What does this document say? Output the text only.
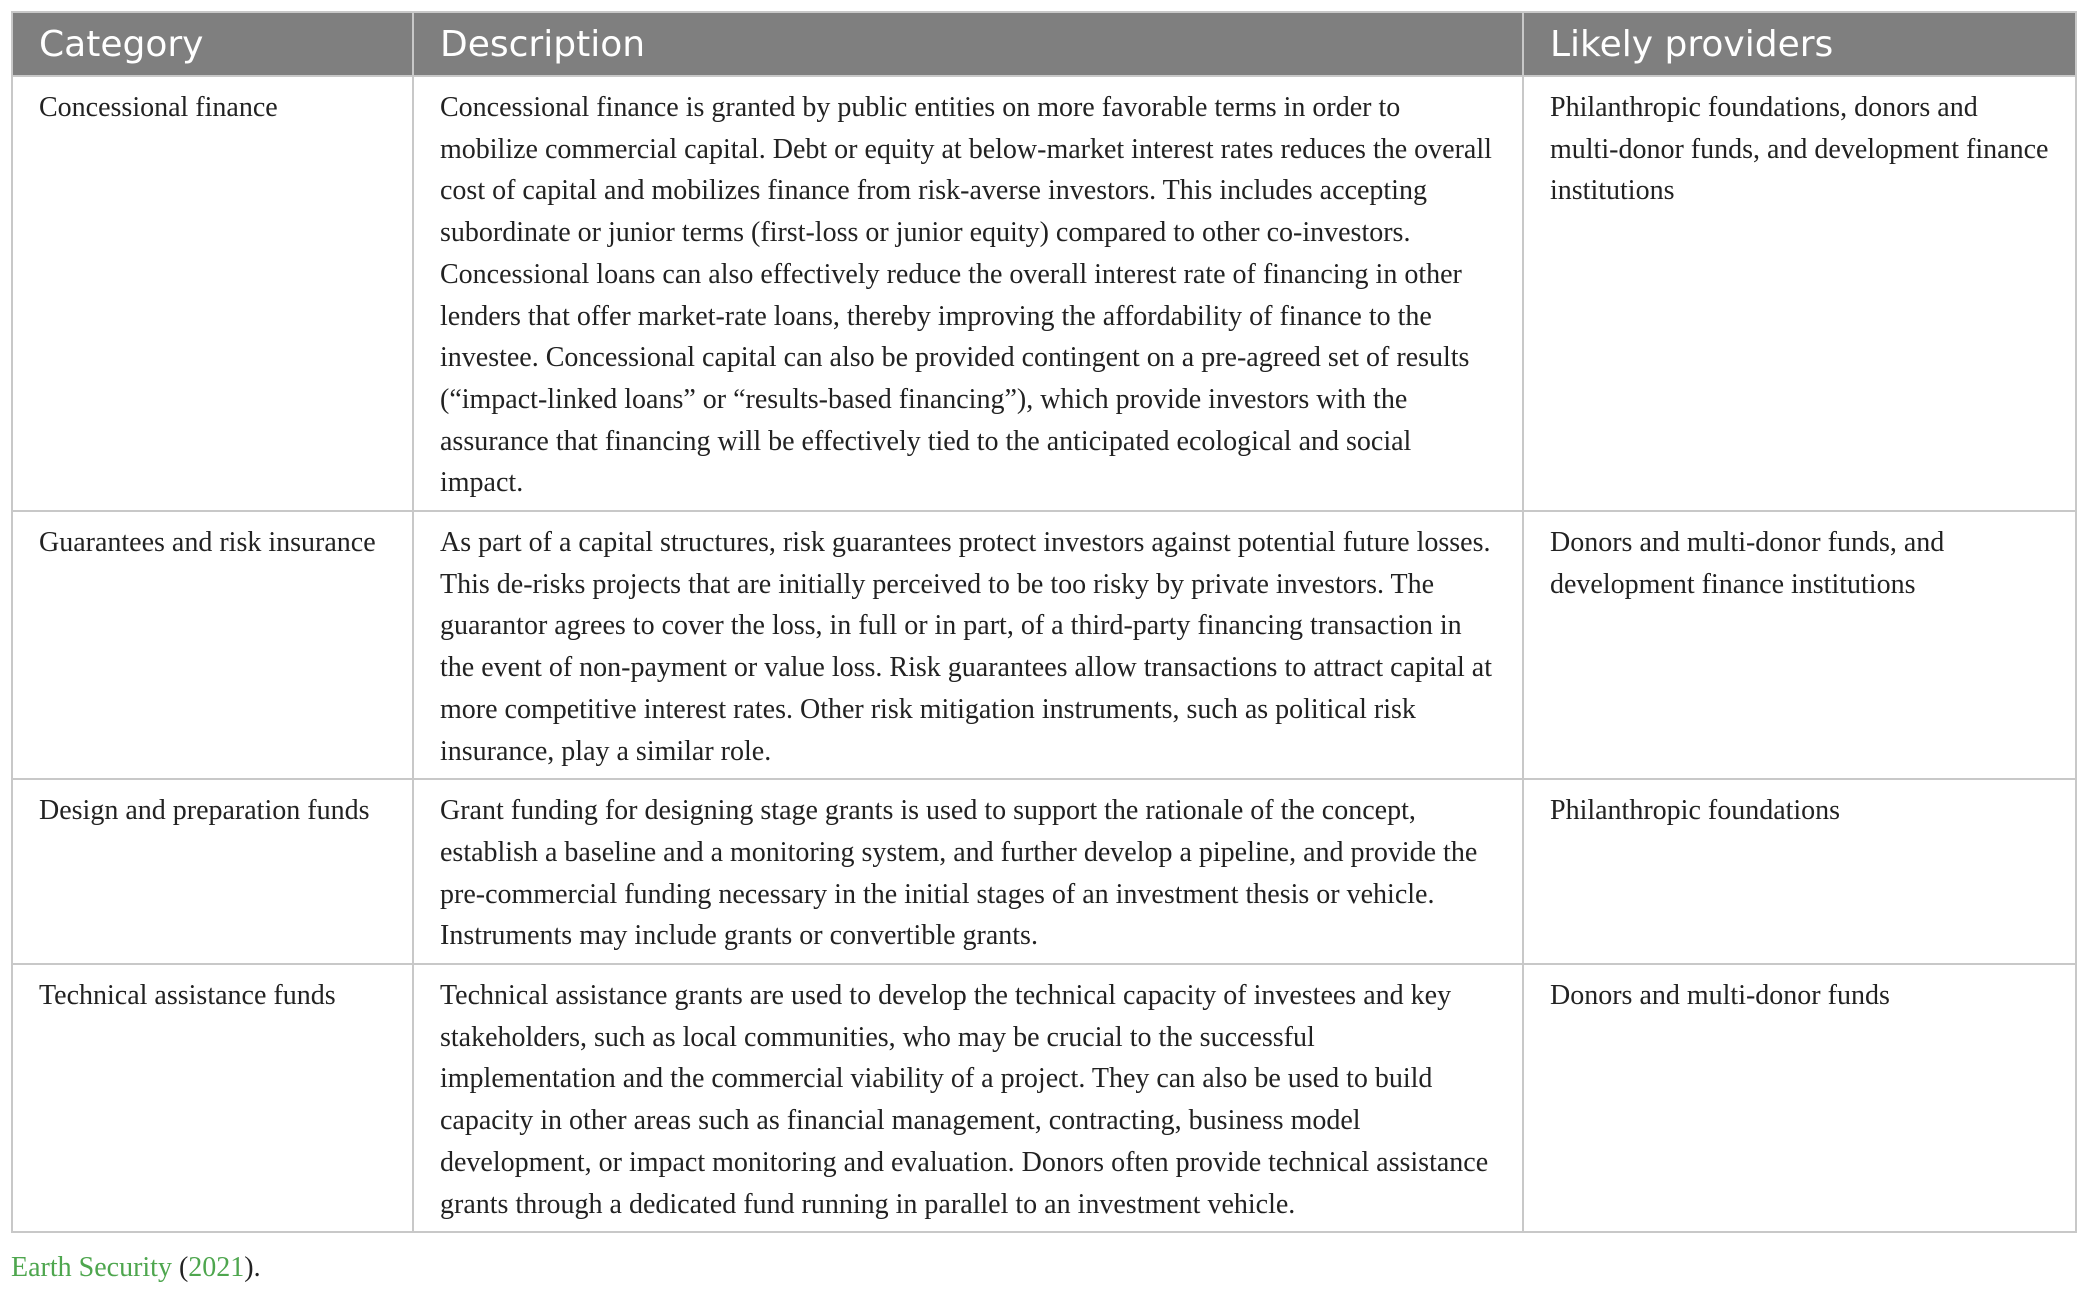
Category	Description	Likely providers
Concessional finance	Concessional finance is granted by public entities on more favorable terms in order to mobilize commercial capital. Debt or equity at below-market interest rates reduces the overall cost of capital and mobilizes finance from risk-averse investors. This includes accepting subordinate or junior terms (first-loss or junior equity) compared to other co-investors. Concessional loans can also effectively reduce the overall interest rate of financing in other lenders that offer market-rate loans, thereby improving the affordability of finance to the investee. Concessional capital can also be provided contingent on a pre-agreed set of results (“impact-linked loans” or “results-based financing”), which provide investors with the assurance that financing will be effectively tied to the anticipated ecological and social impact.	Philanthropic foundations, donors and multi-donor funds, and development finance institutions
Guarantees and risk insurance	As part of a capital structures, risk guarantees protect investors against potential future losses. This de-risks projects that are initially perceived to be too risky by private investors. The guarantor agrees to cover the loss, in full or in part, of a third-party financing transaction in the event of non-payment or value loss. Risk guarantees allow transactions to attract capital at more competitive interest rates. Other risk mitigation instruments, such as political risk insurance, play a similar role.	Donors and multi-donor funds, and development finance institutions
Design and preparation funds	Grant funding for designing stage grants is used to support the rationale of the concept, establish a baseline and a monitoring system, and further develop a pipeline, and provide the pre-commercial funding necessary in the initial stages of an investment thesis or vehicle. Instruments may include grants or convertible grants.	Philanthropic foundations
Technical assistance funds	Technical assistance grants are used to develop the technical capacity of investees and key stakeholders, such as local communities, who may be crucial to the successful implementation and the commercial viability of a project. They can also be used to build capacity in other areas such as financial management, contracting, business model development, or impact monitoring and evaluation. Donors often provide technical assistance grants through a dedicated fund running in parallel to an investment vehicle.	Donors and multi-donor funds
Earth Security (2021).
